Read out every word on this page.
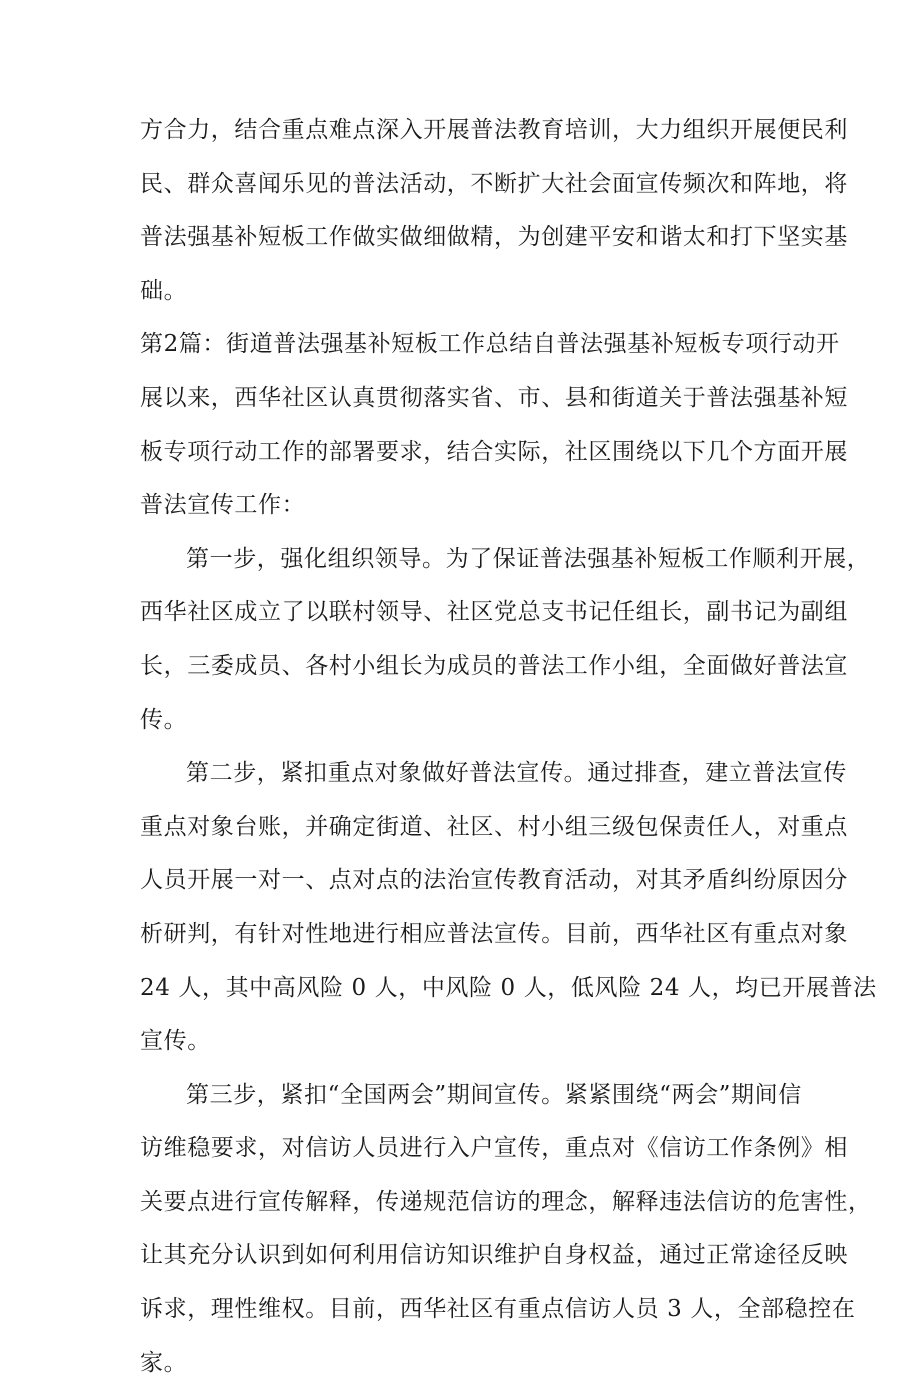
方合力，结合重点难点深入开展普法教育培训，大力组织开展便民利
民、群众喜闻乐见的普法活动，不断扩大社会面宣传频次和阵地，将
普法强基补短板工作做实做细做精，为创建平安和谐太和打下坚实基
础。
第2篇：街道普法强基补短板工作总结自普法强基补短板专项行动开
展以来，西华社区认真贯彻落实省、市、县和街道关于普法强基补短
板专项行动工作的部署要求，结合实际，社区围绕以下几个方面开展
普法宣传工作：
第一步，强化组织领导。为了保证普法强基补短板工作顺利开展，
西华社区成立了以联村领导、社区党总支书记任组长，副书记为副组
长，三委成员、各村小组长为成员的普法工作小组，全面做好普法宣
传。
第二步，紧扣重点对象做好普法宣传。通过排查，建立普法宣传
重点对象台账，并确定街道、社区、村小组三级包保责任人，对重点
人员开展一对一、点对点的法治宣传教育活动，对其矛盾纠纷原因分
析研判，有针对性地进行相应普法宣传。目前，西华社区有重点对象
24 人，其中高风险 0 人，中风险 0 人，低风险 24 人，均已开展普法
宣传。
第三步，紧扣“全国两会”期间宣传。紧紧围绕“两会”期间信
访维稳要求，对信访人员进行入户宣传，重点对《信访工作条例》相
关要点进行宣传解释，传递规范信访的理念，解释违法信访的危害性，
让其充分认识到如何利用信访知识维护自身权益，通过正常途径反映
诉求，理性维权。目前，西华社区有重点信访人员 3 人，全部稳控在
家。
